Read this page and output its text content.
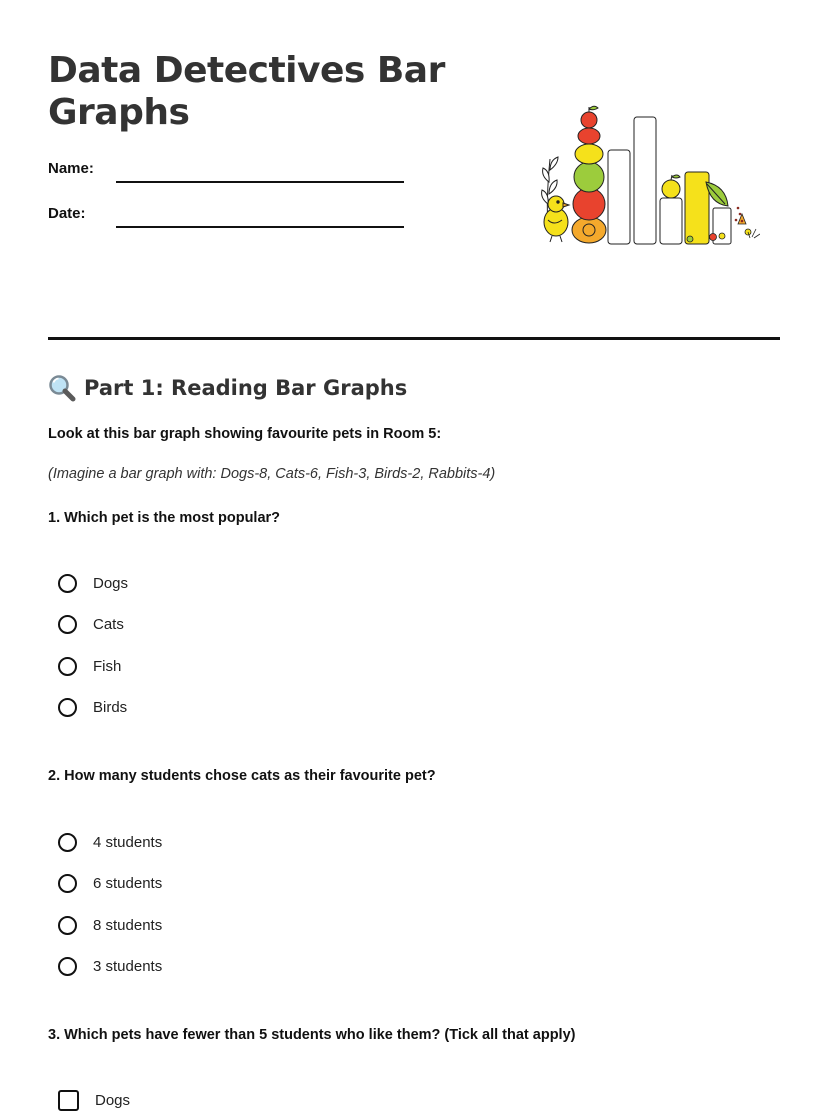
Data Detectives Bar Graphs
Name:
Date:
Part 1: Reading Bar Graphs
Look at this bar graph showing favourite pets in Room 5:
(Imagine a bar graph with: Dogs-8, Cats-6, Fish-3, Birds-2, Rabbits-4)
1. Which pet is the most popular?
Dogs
Cats
Fish
Birds
2. How many students chose cats as their favourite pet?
4 students
6 students
8 students
3 students
3. Which pets have fewer than 5 students who like them? (Tick all that apply)
Dogs
